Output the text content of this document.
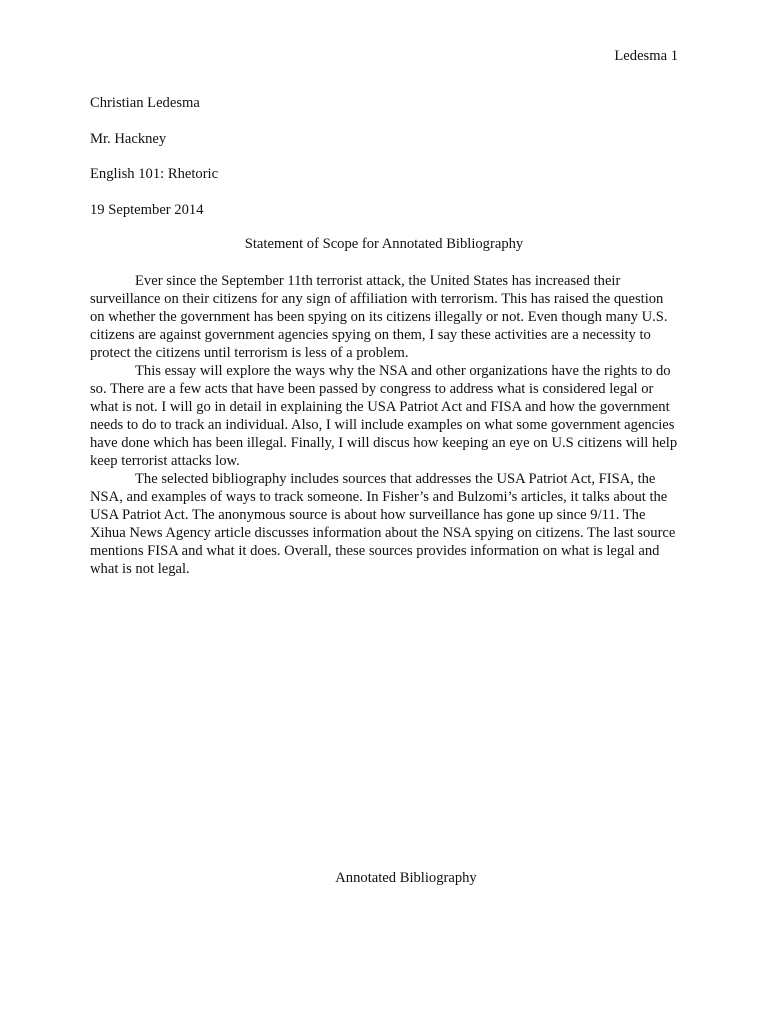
Ledesma 1
Christian Ledesma
Mr. Hackney
English 101: Rhetoric
19 September 2014
Statement of Scope for Annotated Bibliography

Ever since the September 11th terrorist attack, the United States has increased their surveillance on their citizens for any sign of affiliation with terrorism. This has raised the question on whether the government has been spying on its citizens illegally or not. Even though many U.S. citizens are against government agencies spying on them, I say these activities are a necessity to protect the citizens until terrorism is less of a problem.

This essay will explore the ways why the NSA and other organizations have the rights to do so. There are a few acts that have been passed by congress to address what is considered legal or what is not. I will go in detail in explaining the USA Patriot Act and FISA and how the government needs to do to track an individual. Also, I will include examples on what some government agencies have done which has been illegal. Finally, I will discus how keeping an eye on U.S citizens will help keep terrorist attacks low.

The selected bibliography includes sources that addresses the USA Patriot Act, FISA, the NSA, and examples of ways to track someone. In Fisher’s and Bulzomi’s articles, it talks about the USA Patriot Act. The anonymous source is about how surveillance has gone up since 9/11. The Xihua News Agency article discusses information about the NSA spying on citizens. The last source mentions FISA and what it does. Overall, these sources provides information on what is legal and what is not legal.

Annotated Bibliography
